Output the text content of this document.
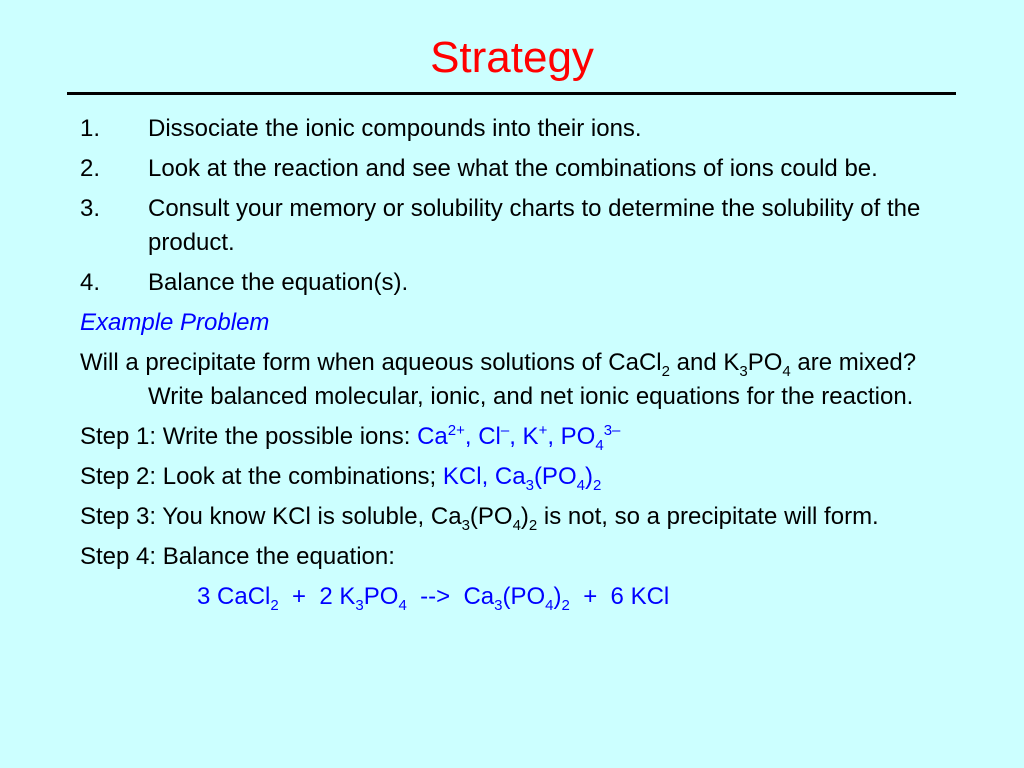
Strategy

1. Dissociate the ionic compounds into their ions.

2. Look at the reaction and see what the combinations of ions could be.

3. Consult your memory or solubility charts to determine the solubility of the product.

4. Balance the equation(s).

Example Problem

Will a precipitate form when aqueous solutions of CaCl$_2$ and $K_3PO_4$ are mixed? Write balanced molecular, ionic, and net ionic equations for the reaction.

Step 1: Write the possible ions: $Ca^{2+}$, Cl–, K+, $PO_4^{3-}$

Step 2: Look at the combinations; KCl, $Ca_3(PO_4)_2$

Step 3: You know KCl is soluble, $Ca_3(PO_4)_2$ is not, so a precipitate will form.

Step 4: Balance the equation:

3 CaCl$_2$  +  2 $K_3PO_4$  -->  $Ca_3(PO_4)_2 + 6$ KCl
